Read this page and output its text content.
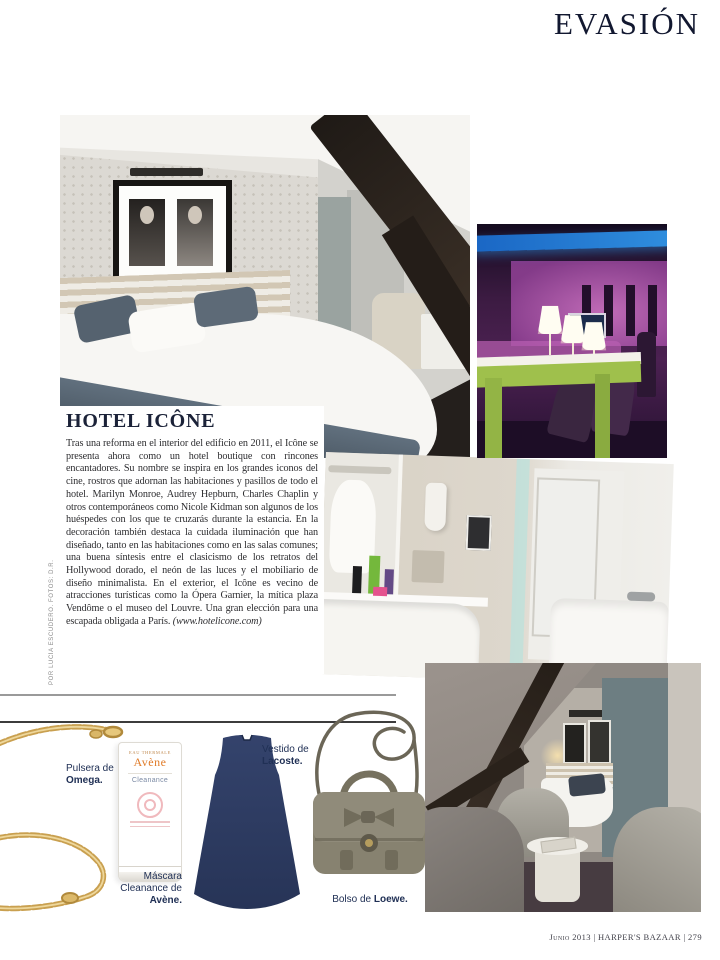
EVASIÓN
HOTEL ICÔNE

Tras una reforma en el interior del edificio en 2011, el Icône se presenta ahora como un hotel boutique con rincones encantadores. Su nombre se inspira en los grandes iconos del cine, rostros que adornan las habitaciones y pasillos de todo el hotel. Marilyn Monroe, Audrey Hepburn, Charles Chaplin y otros contemporáneos como Nicole Kidman son algunos de los huéspedes con los que te cruzarás durante la estancia. En la decoración también destaca la cuidada iluminación que han diseñado, tanto en las habitaciones como en las salas comunes; una buena síntesis entre el clasicismo de los retratos del Hollywood dorado, el neón de las luces y el mobiliario de diseño minimalista. En el exterior, el Icône es vecino de atracciones turísticas como la Ópera Garnier, la mítica plaza Vendôme o el museo del Louvre. Una gran elección para una escapada obligada a París. (www.hotelicone.com)

POR LUCÍA ESCUDERO. FOTOS: D.R.
Pulsera de
Omega.
EAU THERMALE
Avène
Cleanance
Máscara
Cleanance de
Avène.
Vestido de
Lacoste.
Bolso de Loewe.
Junio 2013 | HARPER'S BAZAAR | 279
